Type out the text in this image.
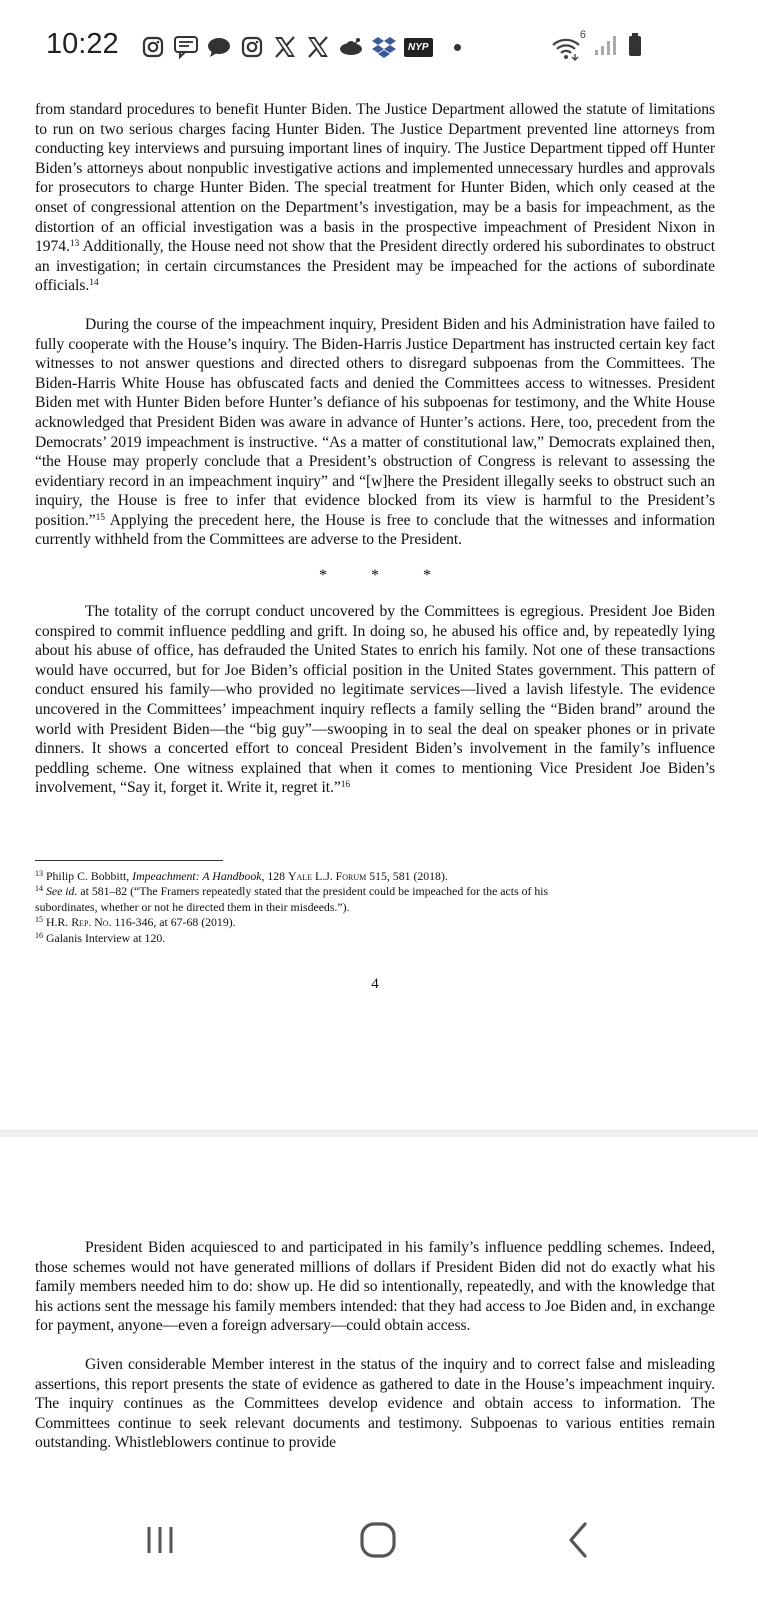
10:22	NYP
6

from standard procedures to benefit Hunter Biden. The Justice Department allowed the statute of limitations to run on two serious charges facing Hunter Biden. The Justice Department prevented line attorneys from conducting key interviews and pursuing important lines of inquiry. The Justice Department tipped off Hunter Biden’s attorneys about nonpublic investigative actions and implemented unnecessary hurdles and approvals for prosecutors to charge Hunter Biden. The special treatment for Hunter Biden, which only ceased at the onset of congressional attention on the Department’s investigation, may be a basis for impeachment, as the distortion of an official investigation was a basis in the prospective impeachment of President Nixon in 1974.13 Additionally, the House need not show that the President directly ordered his subordinates to obstruct an investigation; in certain circumstances the President may be impeached for the actions of subordinate officials.$^{14}$

During the course of the impeachment inquiry, President Biden and his Administration have failed to fully cooperate with the House’s inquiry. The Biden-Harris Justice Department has instructed certain key fact witnesses to not answer questions and directed others to disregard subpoenas from the Committees. The Biden-Harris White House has obfuscated facts and denied the Committees access to witnesses. President Biden met with Hunter Biden before Hunter’s defiance of his subpoenas for testimony, and the White House acknowledged that President Biden was aware in advance of Hunter’s actions. Here, too, precedent from the Democrats’ 2019 impeachment is instructive. “As a matter of constitutional law,” Democrats explained then, “the House may properly conclude that a President’s obstruction of Congress is relevant to assessing the evidentiary record in an impeachment inquiry” and “[w]here the President illegally seeks to obstruct such an inquiry, the House is free to infer that evidence blocked from its view is harmful to the President’s position.”$^{15}$ Applying the precedent here, the House is free to conclude that the witnesses and information currently withheld from the Committees are adverse to the President.

* * *

The totality of the corrupt conduct uncovered by the Committees is egregious. President Joe Biden conspired to commit influence peddling and grift. In doing so, he abused his office and, by repeatedly lying about his abuse of office, has defrauded the United States to enrich his family. Not one of these transactions would have occurred, but for Joe Biden’s official position in the United States government. This pattern of conduct ensured his family—who provided no legitimate services—lived a lavish lifestyle. The evidence uncovered in the Committees’ impeachment inquiry reflects a family selling the “Biden brand” around the world with President Biden—the “big guy”—swooping in to seal the deal on speaker phones or in private dinners. It shows a concerted effort to conceal President Biden’s involvement in the family’s influence peddling scheme. One witness explained that when it comes to mentioning Vice President Joe Biden’s involvement, “Say it, forget it. Write it, regret it.”$^{16}$

$^{13}$ Philip C. Bobbitt, Impeachment: A Handbook, 128 Yale L.J. Forum 515, 581 (2018).

$^{14}$ See id. at 581–82 (“The Framers repeatedly stated that the president could be impeached for the acts of his
subordinates, whether or not he directed them in their misdeeds.”).

$^{15}$ H.R. Rep. No. 116-346, at 67-68 (2019).

$^{16}$ Galanis Interview at 120.

4

President Biden acquiesced to and participated in his family’s influence peddling schemes. Indeed, those schemes would not have generated millions of dollars if President Biden did not do exactly what his family members needed him to do: show up. He did so intentionally, repeatedly, and with the knowledge that his actions sent the message his family members intended: that they had access to Joe Biden and, in exchange for payment, anyone—even a foreign adversary—could obtain access.

Given considerable Member interest in the status of the inquiry and to correct false and misleading assertions, this report presents the state of evidence as gathered to date in the House’s impeachment inquiry. The inquiry continues as the Committees develop evidence and obtain access to information. The Committees continue to seek relevant documents and testimony. Subpoenas to various entities remain outstanding. Whistleblowers continue to provide
